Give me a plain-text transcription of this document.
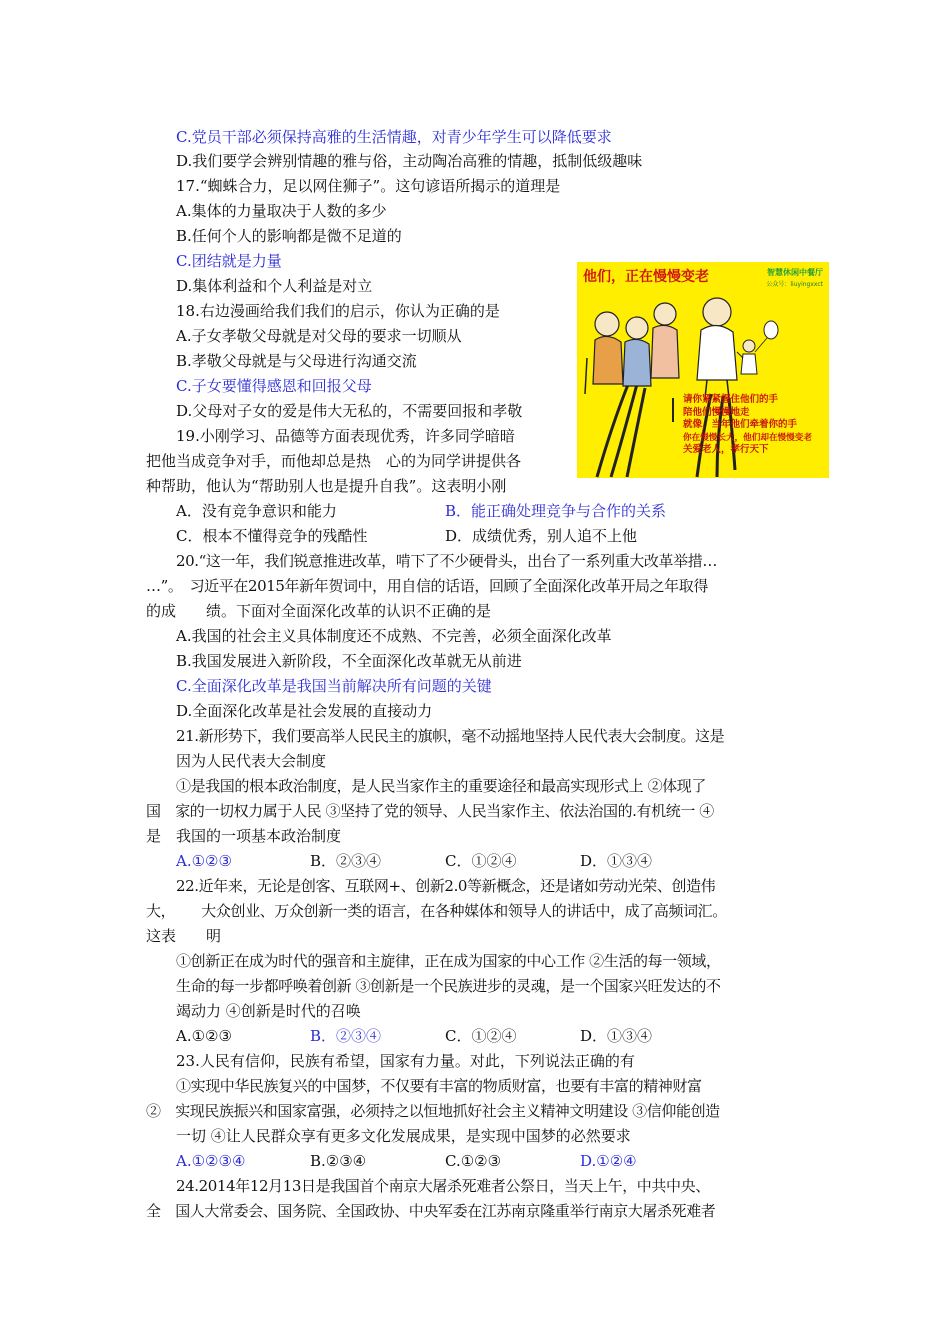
C.党员干部必须保持高雅的生活情趣，对青少年学生可以降低要求
D.我们要学会辨别情趣的雅与俗，主动陶冶高雅的情趣，抵制低级趣味
17.“蜘蛛合力，足以网住狮子”。这句谚语所揭示的道理是
A.集体的力量取决于人数的多少
B.任何个人的影响都是微不足道的
C.团结就是力量
D.集体利益和个人利益是对立
18.右边漫画给我们我们的启示，你认为正确的是
A.子女孝敬父母就是对父母的要求一切顺从
B.孝敬父母就是与父母进行沟通交流
C.子女要懂得感恩和回报父母
D.父母对子女的爱是伟大无私的，不需要回报和孝敬
他们，正在慢慢变老	智慧休闲中餐厅
公众号：liuyingxxct
请你紧紧握住他们的手
陪他们慢慢地走
就像，当年他们牵着你的手
你在慢慢长大，他们却在慢慢变老
关爱老人，孝行天下
19.小刚学习、品德等方面表现优秀，许多同学暗暗
把他当成竞争对手，而他却总是热　心的为同学讲提供各
种帮助，他认为“帮助别人也是提升自我”。这表明小刚
A．没有竞争意识和能力	B．能正确处理竞争与合作的关系
C．根本不懂得竞争的残酷性	D．成绩优秀，别人追不上他
20.“这一年，我们锐意推进改革，啃下了不少硬骨头，出台了一系列重大改革举措…
…”。　习近平在2015年新年贺词中，用自信的话语，回顾了全面深化改革开局之年取得
的成　　绩。下面对全面深化改革的认识不正确的是
A.我国的社会主义具体制度还不成熟、不完善，必须全面深化改革
B.我国发展进入新阶段，不全面深化改革就无从前进
C.全面深化改革是我国当前解决所有问题的关键
D.全面深化改革是社会发展的直接动力
21.新形势下，我们要高举人民民主的旗帜，毫不动摇地坚持人民代表大会制度。这是
因为人民代表大会制度
①是我国的根本政治制度，是人民当家作主的重要途径和最高实现形式上 ②体现了
国　家的一切权力属于人民 ③坚持了党的领导、人民当家作主、依法治国的.有机统一 ④
是　我国的一项基本政治制度
A.①②③	B．②③④	C．①②④	D．①③④
22.近年来，无论是创客、互联网+、创新2.0等新概念，还是诸如劳动光荣、创造伟
大，　　 大众创业、万众创新一类的语言，在各种媒体和领导人的讲话中，成了高频词汇。
这表　　明
①创新正在成为时代的强音和主旋律，正在成为国家的中心工作 ②生活的每一领域，
生命的每一步都呼唤着创新 ③创新是一个民族进步的灵魂，是一个国家兴旺发达的不
竭动力 ④创新是时代的召唤
A.①②③	B．②③④	C．①②④	D．①③④
23.人民有信仰，民族有希望，国家有力量。对此，下列说法正确的有
①实现中华民族复兴的中国梦，不仅要有丰富的物质财富，也要有丰富的精神财富
②　实现民族振兴和国家富强，必须持之以恒地抓好社会主义精神文明建设 ③信仰能创造
一切 ④让人民群众享有更多文化发展成果，是实现中国梦的必然要求
A.①②③④	B.②③④	C.①②③	D.①②④
24.2014年12月13日是我国首个南京大屠杀死难者公祭日，当天上午，中共中央、
全　国人大常委会、国务院、全国政协、中央军委在江苏南京隆重举行南京大屠杀死难者
